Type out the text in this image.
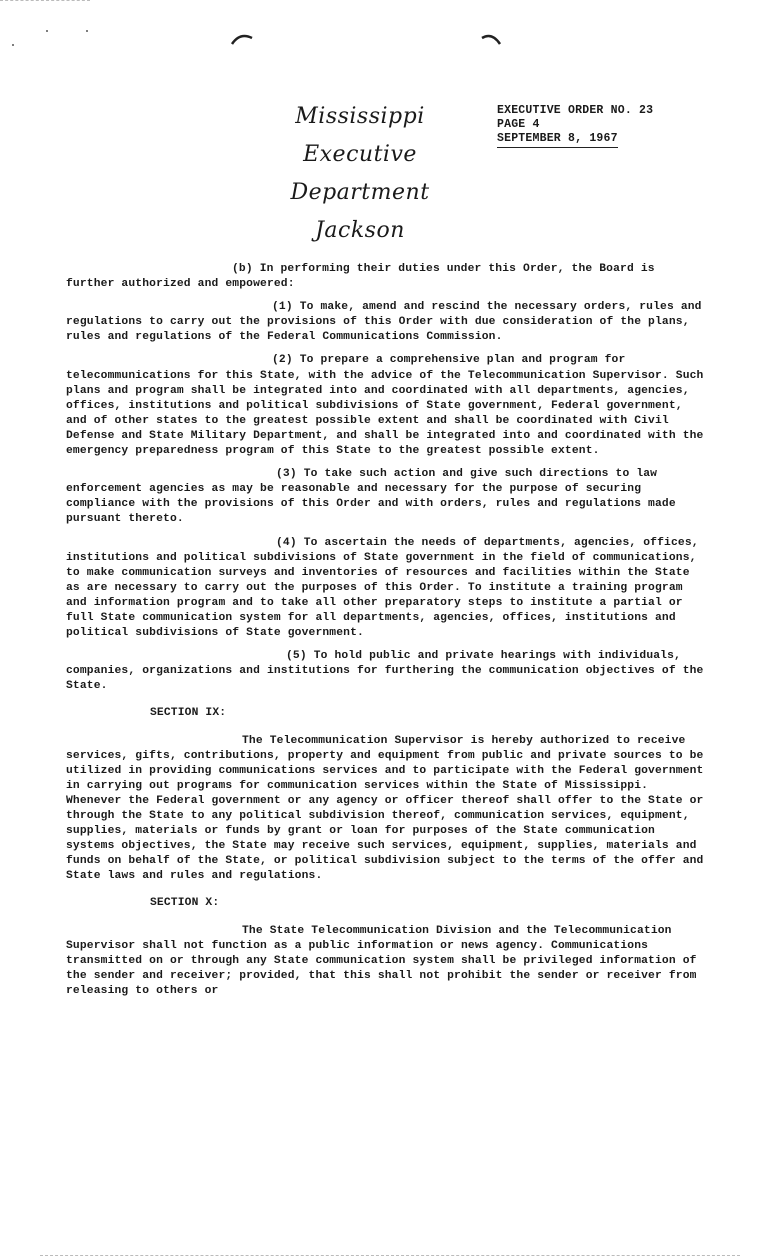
Mississippi
Executive Department
Jackson
EXECUTIVE ORDER NO. 23
PAGE 4
SEPTEMBER 8, 1967

(b) In performing their duties under this Order, the Board is further authorized and empowered:

(1) To make, amend and rescind the necessary orders, rules and regulations to carry out the provisions of this Order with due consideration of the plans, rules and regulations of the Federal Communications Commission.

(2) To prepare a comprehensive plan and program for telecommunications for this State, with the advice of the Telecommunication Supervisor. Such plans and program shall be integrated into and coordinated with all departments, agencies, offices, institutions and political subdivisions of State government, Federal government, and of other states to the greatest possible extent and shall be coordinated with Civil Defense and State Military Department, and shall be integrated into and coordinated with the emergency preparedness program of this State to the greatest possible extent.

(3) To take such action and give such directions to law enforcement agencies as may be reasonable and necessary for the purpose of securing compliance with the provisions of this Order and with orders, rules and regulations made pursuant thereto.

(4) To ascertain the needs of departments, agencies, offices, institutions and political subdivisions of State government in the field of communications, to make communication surveys and inventories of resources and facilities within the State as are necessary to carry out the purposes of this Order. To institute a training program and information program and to take all other preparatory steps to institute a partial or full State communication system for all departments, agencies, offices, institutions and political subdivisions of State government.

(5) To hold public and private hearings with individuals, companies, organizations and institutions for furthering the communication objectives of the State.

SECTION IX:

The Telecommunication Supervisor is hereby authorized to receive services, gifts, contributions, property and equipment from public and private sources to be utilized in providing communications services and to participate with the Federal government in carrying out programs for communication services within the State of Mississippi. Whenever the Federal government or any agency or officer thereof shall offer to the State or through the State to any political subdivision thereof, communication services, equipment, supplies, materials or funds by grant or loan for purposes of the State communication systems objectives, the State may receive such services, equipment, supplies, materials and funds on behalf of the State, or political subdivision subject to the terms of the offer and State laws and rules and regulations.

SECTION X:

The State Telecommunication Division and the Telecommunication Supervisor shall not function as a public information or news agency. Communications transmitted on or through any State communication system shall be privileged information of the sender and receiver; provided, that this shall not prohibit the sender or receiver from releasing to others or
